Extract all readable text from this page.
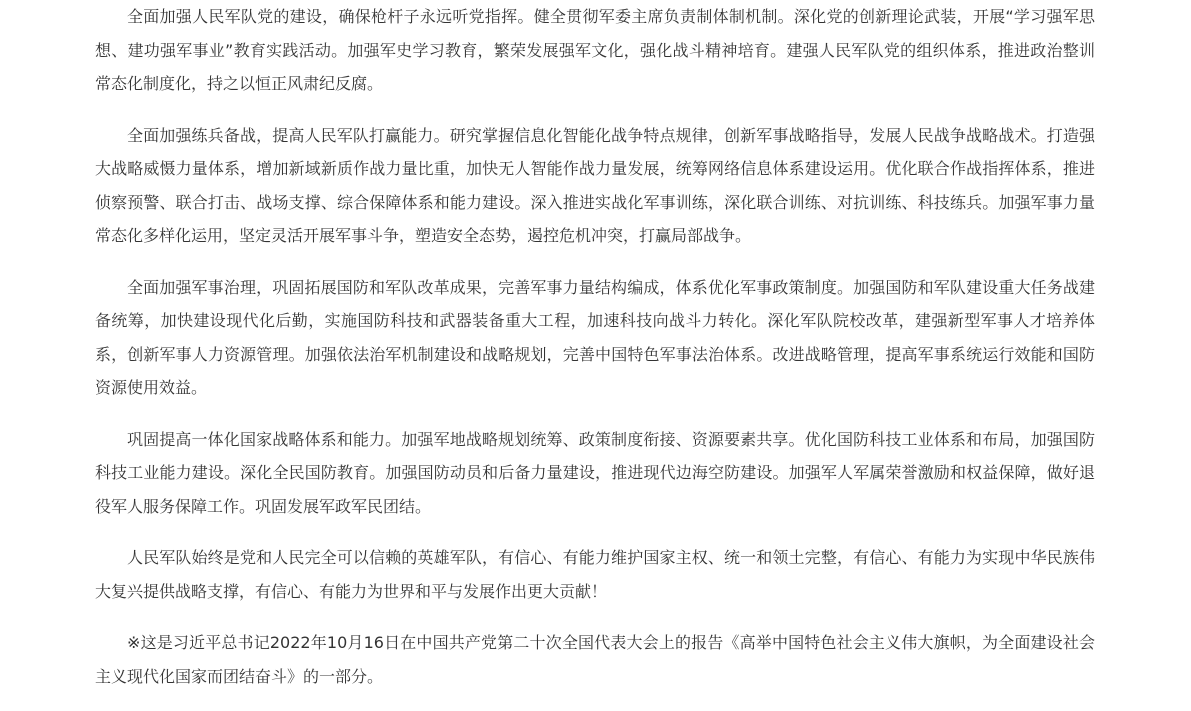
全面加强人民军队党的建设，确保枪杆子永远听党指挥。健全贯彻军委主席负责制体制机制。深化党的创新理论武装，开展“学习强军思想、建功强军事业”教育实践活动。加强军史学习教育，繁荣发展强军文化，强化战斗精神培育。建强人民军队党的组织体系，推进政治整训常态化制度化，持之以恒正风肃纪反腐。

全面加强练兵备战，提高人民军队打赢能力。研究掌握信息化智能化战争特点规律，创新军事战略指导，发展人民战争战略战术。打造强大战略威慑力量体系，增加新域新质作战力量比重，加快无人智能作战力量发展，统筹网络信息体系建设运用。优化联合作战指挥体系，推进侦察预警、联合打击、战场支撑、综合保障体系和能力建设。深入推进实战化军事训练，深化联合训练、对抗训练、科技练兵。加强军事力量常态化多样化运用，坚定灵活开展军事斗争，塑造安全态势，遏控危机冲突，打赢局部战争。

全面加强军事治理，巩固拓展国防和军队改革成果，完善军事力量结构编成，体系优化军事政策制度。加强国防和军队建设重大任务战建备统筹，加快建设现代化后勤，实施国防科技和武器装备重大工程，加速科技向战斗力转化。深化军队院校改革，建强新型军事人才培养体系，创新军事人力资源管理。加强依法治军机制建设和战略规划，完善中国特色军事法治体系。改进战略管理，提高军事系统运行效能和国防资源使用效益。

巩固提高一体化国家战略体系和能力。加强军地战略规划统筹、政策制度衔接、资源要素共享。优化国防科技工业体系和布局，加强国防科技工业能力建设。深化全民国防教育。加强国防动员和后备力量建设，推进现代边海空防建设。加强军人军属荣誉激励和权益保障，做好退役军人服务保障工作。巩固发展军政军民团结。

人民军队始终是党和人民完全可以信赖的英雄军队，有信心、有能力维护国家主权、统一和领土完整，有信心、有能力为实现中华民族伟大复兴提供战略支撑，有信心、有能力为世界和平与发展作出更大贡献！

※这是习近平总书记2022年10月16日在中国共产党第二十次全国代表大会上的报告《高举中国特色社会主义伟大旗帜，为全面建设社会主义现代化国家而团结奋斗》的一部分。
